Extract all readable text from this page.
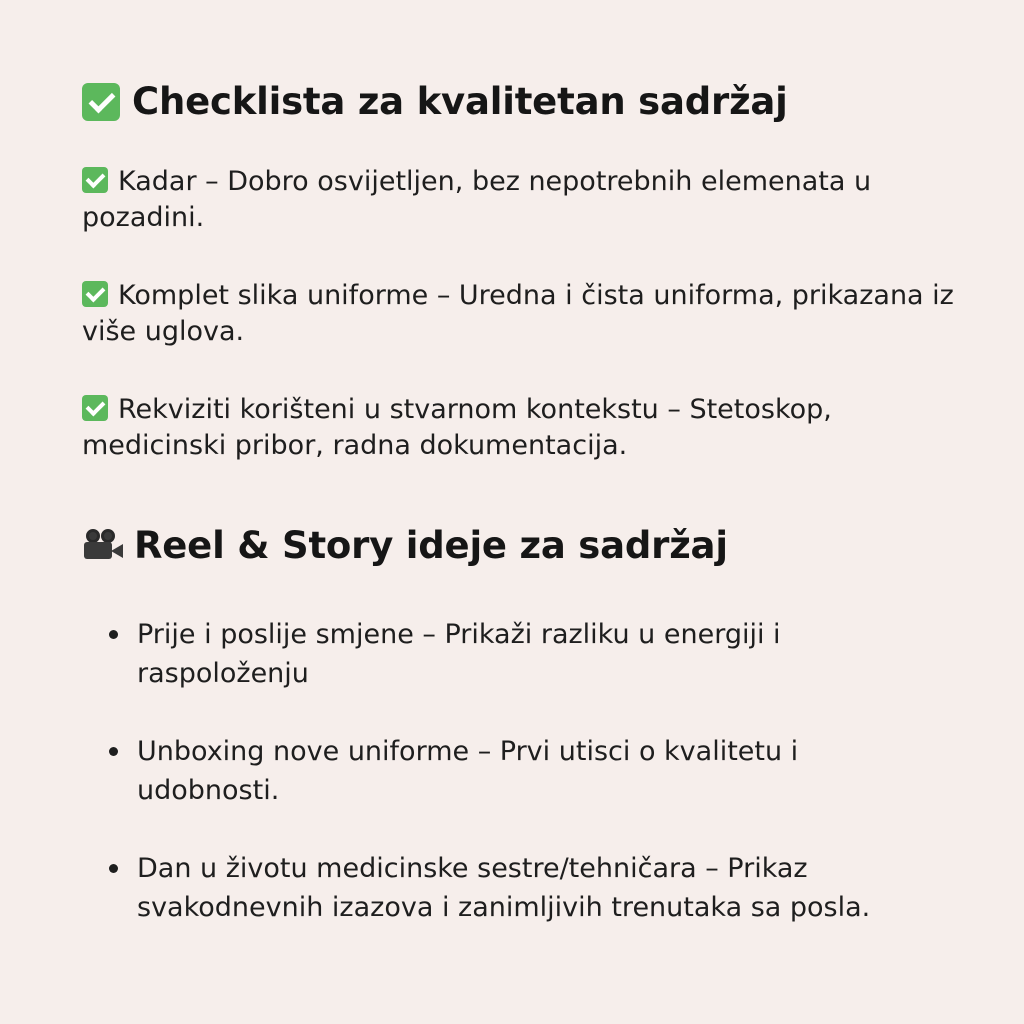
Checklista za kvalitetan sadržaj

Kadar – Dobro osvijetljen, bez nepotrebnih elemenata u pozadini.

Komplet slika uniforme – Uredna i čista uniforma, prikazana iz više uglova.

Rekviziti korišteni u stvarnom kontekstu – Stetoskop, medicinski pribor, radna dokumentacija.

Reel & Story ideje za sadržaj
Prije i poslije smjene – Prikaži razliku u energiji i raspoloženju
Unboxing nove uniforme – Prvi utisci o kvalitetu i udobnosti.
Dan u životu medicinske sestre/tehničara – Prikaz svakodnevnih izazova i zanimljivih trenutaka sa posla.
